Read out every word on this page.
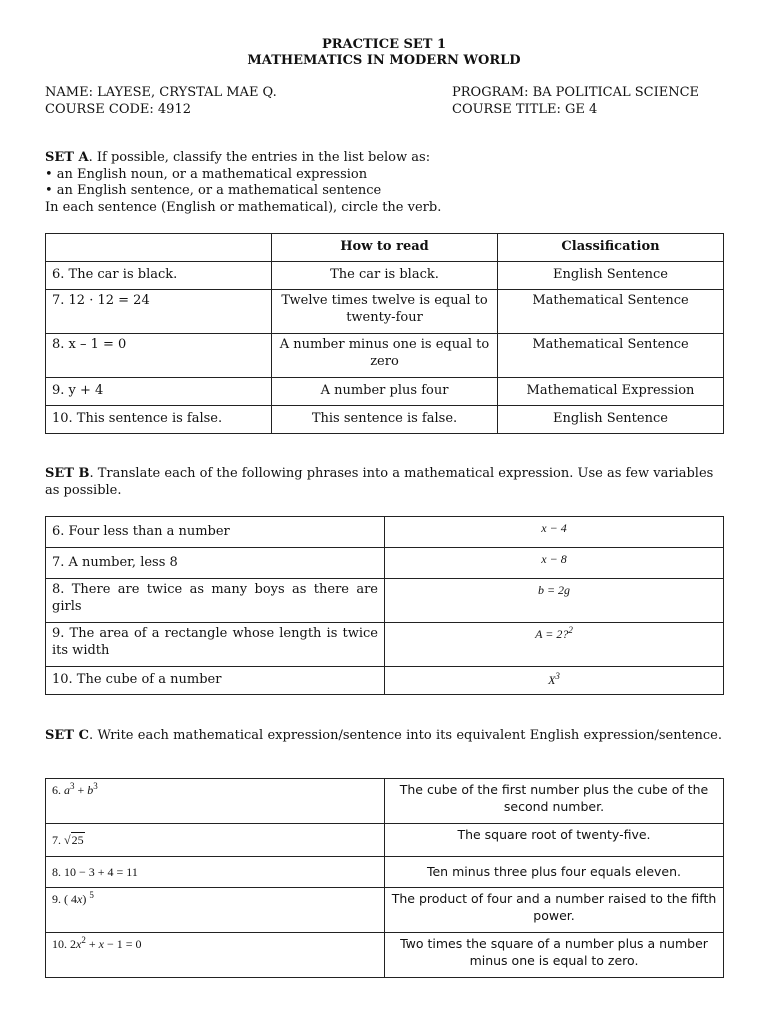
PRACTICE SET 1
MATHEMATICS IN MODERN WORLD
NAME: LAYESE, CRYSTAL MAE Q.	PROGRAM: BA POLITICAL SCIENCE
COURSE CODE: 4912	COURSE TITLE: GE 4
SET A. If possible, classify the entries in the list below as:
• an English noun, or a mathematical expression
• an English sentence, or a mathematical sentence
In each sentence (English or mathematical), circle the verb.
	How to read	Classification
6. The car is black.	The car is black.	English Sentence
7. 12 · 12 = 24	Twelve times twelve is equal to twenty-four	Mathematical Sentence
8. x – 1 = 0	A number minus one is equal to zero	Mathematical Sentence
9. y + 4	A number plus four	Mathematical Expression
10. This sentence is false.	This sentence is false.	English Sentence
SET B. Translate each of the following phrases into a mathematical expression. Use as few variables as possible.
6. Four less than a number	x − 4
7. A number, less 8	x − 8
8. There are twice as many boys as there are girls	b = 2g
9. The area of a rectangle whose length is twice its width	A = 2?$^2$
10. The cube of a number	$X^3$
SET C. Write each mathematical expression/sentence into its equivalent English expression/sentence.
6. $a^3 + b^3$	The cube of the first number plus the cube of the second number.
7. √25	The square root of twenty-five.
8. 10 − 3 + 4 = 11	Ten minus three plus four equals eleven.
9. ( 4x) $^5$	The product of four and a number raised to the fifth power.
10. $2x^2 + x - 1 = 0$	Two times the square of a number plus a number minus one is equal to zero.
